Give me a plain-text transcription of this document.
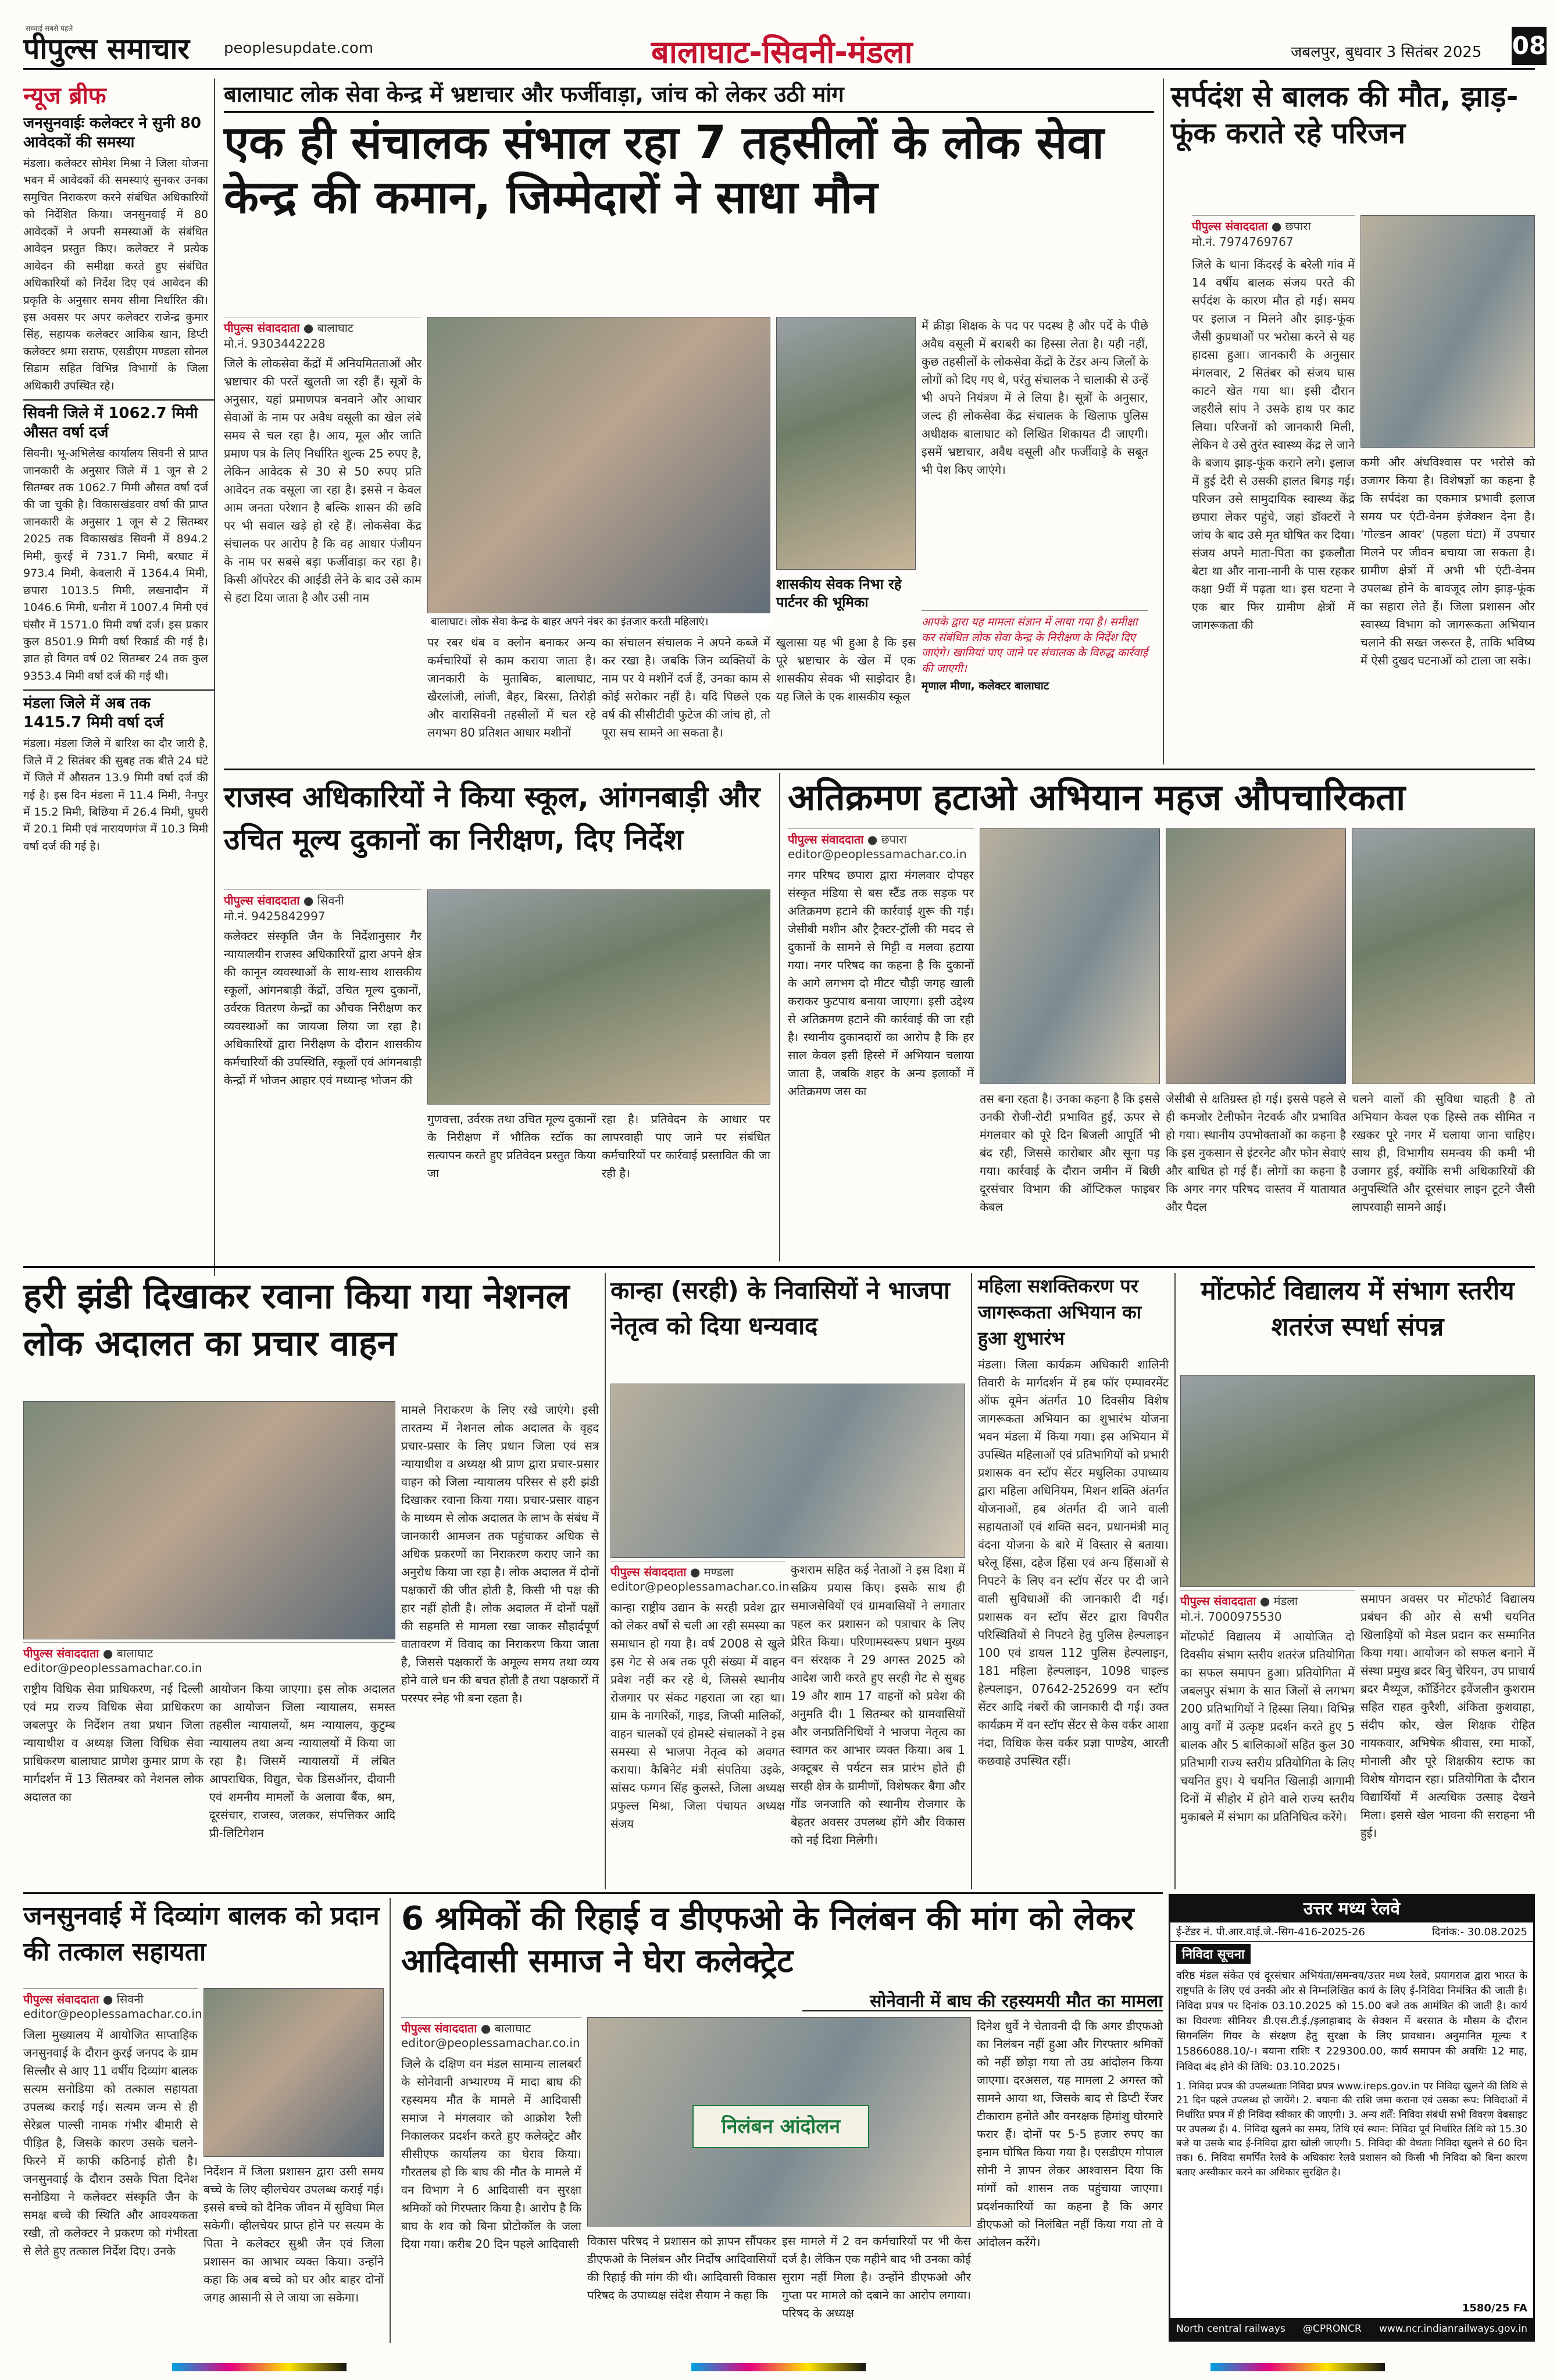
सच्चाई सबसे पहले
पीपुल्स समाचार peoplesupdate.com	बालाघाट-सिवनी-मंडला	जबलपुर, बुधवार 3 सितंबर 2025 08
न्यूज ब्रीफ
जनसुनवाईः कलेक्टर ने सुनी 80 आवेदकों की समस्या
मंडला। कलेक्टर सोमेश मिश्रा ने जिला योजना भवन में आवेदकों की समस्याएं सुनकर उनका समुचित निराकरण करने संबंधित अधिकारियों को निर्देशित किया। जनसुनवाई में 80 आवेदकों ने अपनी समस्याओं के संबंधित आवेदन प्रस्तुत किए। कलेक्टर ने प्रत्येक आवेदन की समीक्षा करते हुए संबंधित अधिकारियों को निर्देश दिए एवं आवेदन की प्रकृति के अनुसार समय सीमा निर्धारित की। इस अवसर पर अपर कलेक्टर राजेन्द्र कुमार सिंह, सहायक कलेक्टर आकिब खान, डिप्टी कलेक्टर श्रमा सराफ, एसडीएम मण्डला सोनल सिडाम सहित विभिन्न विभागों के जिला अधिकारी उपस्थित रहे।
सिवनी जिले में 1062.7 मिमी औसत वर्षा दर्ज
सिवनी। भू-अभिलेख कार्यालय सिवनी से प्राप्त जानकारी के अनुसार जिले में 1 जून से 2 सितम्बर तक 1062.7 मिमी औसत वर्षा दर्ज की जा चुकी है। विकासखंडवार वर्षा की प्राप्त जानकारी के अनुसार 1 जून से 2 सितम्बर 2025 तक विकासखंड सिवनी में 894.2 मिमी, कुरई में 731.7 मिमी, बरघाट में 973.4 मिमी, केवलारी में 1364.4 मिमी, छपारा 1013.5 मिमी, लखनादौन में 1046.6 मिमी, धनौरा में 1007.4 मिमी एवं घंसौर में 1571.0 मिमी वर्षा दर्ज। इस प्रकार कुल 8501.9 मिमी वर्षा रिकार्ड की गई है। ज्ञात हो विगत वर्ष 02 सितम्बर 24 तक कुल 9353.4 मिमी वर्षा दर्ज की गई थी।
मंडला जिले में अब तक 1415.7 मिमी वर्षा दर्ज
मंडला। मंडला जिले में बारिश का दौर जारी है, जिले में 2 सितंबर की सुबह तक बीते 24 घंटे में जिले में औसतन 13.9 मिमी वर्षा दर्ज की गई है। इस दिन मंडला में 11.4 मिमी, नैनपुर में 15.2 मिमी, बिछिया में 26.4 मिमी, घुघरी में 20.1 मिमी एवं नारायणगंज में 10.3 मिमी वर्षा दर्ज की गई है।
बालाघाट लोक सेवा केन्द्र में भ्रष्टाचार और फर्जीवाड़ा, जांच को लेकर उठी मांग
एक ही संचालक संभाल रहा 7 तहसीलों के लोक सेवा केन्द्र की कमान, जिम्मेदारों ने साधा मौन
पीपुल्स संवाददाता ● बालाघाट
मो.नं. 9303442228
बालाघाट। लोक सेवा केन्द्र के बाहर अपने नंबर का इंतजार करती महिलाएं।
जिले के लोकसेवा केंद्रों में अनियमितताओं और भ्रष्टाचार की परतें खुलती जा रही हैं। सूत्रों के अनुसार, यहां प्रमाणपत्र बनवाने और आधार सेवाओं के नाम पर अवैध वसूली का खेल लंबे समय से चल रहा है। आय, मूल और जाति प्रमाण पत्र के लिए निर्धारित शुल्क 25 रुपए है, लेकिन आवेदक से 30 से 50 रुपए प्रति आवेदन तक वसूला जा रहा है। इससे न केवल आम जनता परेशान है बल्कि शासन की छवि पर भी सवाल खड़े हो रहे हैं। लोकसेवा केंद्र संचालक पर आरोप है कि वह आधार पंजीयन के नाम पर सबसे बड़ा फर्जीवाड़ा कर रहा है। किसी ऑपरेटर की आईडी लेने के बाद उसे काम से हटा दिया जाता है और उसी नाम
पर रबर थंब व क्लोन बनाकर अन्य कर्मचारियों से काम कराया जाता है। जानकारी के मुताबिक, बालाघाट, खैरलांजी, लांजी, बैहर, बिरसा, तिरोड़ी और वारासिवनी तहसीलों में चल रहे लगभग 80 प्रतिशत आधार मशीनों
का संचालन संचालक ने अपने कब्जे में कर रखा है। जबकि जिन व्यक्तियों के नाम पर ये मशीनें दर्ज हैं, उनका काम से कोई सरोकार नहीं है। यदि पिछले एक वर्ष की सीसीटीवी फुटेज की जांच हो, तो पूरा सच सामने आ सकता है।
शासकीय सेवक निभा रहे पार्टनर की भूमिका
खुलासा यह भी हुआ है कि इस पूरे भ्रष्टाचार के खेल में एक शासकीय सेवक भी साझेदार है। यह जिले के एक शासकीय स्कूल
में क्रीड़ा शिक्षक के पद पर पदस्थ है और पर्दे के पीछे अवैध वसूली में बराबरी का हिस्सा लेता है। यही नहीं, कुछ तहसीलों के लोकसेवा केंद्रों के टेंडर अन्य जिलों के लोगों को दिए गए थे, परंतु संचालक ने चालाकी से उन्हें भी अपने नियंत्रण में ले लिया है। सूत्रों के अनुसार, जल्द ही लोकसेवा केंद्र संचालक के खिलाफ पुलिस अधीक्षक बालाघाट को लिखित शिकायत दी जाएगी। इसमें भ्रष्टाचार, अवैध वसूली और फर्जीवाड़े के सबूत भी पेश किए जाएंगे।
आपके द्वारा यह मामला संज्ञान में लाया गया है। समीक्षा कर संबंधित लोक सेवा केन्द्र के निरीक्षण के निर्देश दिए जाएंगे। खामियां पाए जाने पर संचालक के विरुद्ध कार्रवाई की जाएगी।
मृणाल मीणा, कलेक्टर बालाघाट
सर्पदंश से बालक की मौत, झाड़-फूंक कराते रहे परिजन
पीपुल्स संवाददाता ● छपारा
मो.नं. 7974769767
जिले के थाना किंदरई के बरेली गांव में 14 वर्षीय बालक संजय परते की सर्पदंश के कारण मौत हो गई। समय पर इलाज न मिलने और झाड़-फूंक जैसी कुप्रथाओं पर भरोसा करने से यह हादसा हुआ। जानकारी के अनुसार मंगलवार, 2 सितंबर को संजय घास काटने खेत गया था। इसी दौरान जहरीले सांप ने उसके हाथ पर काट लिया। परिजनों को जानकारी मिली, लेकिन वे उसे तुरंत स्वास्थ्य केंद्र ले जाने के बजाय झाड़-फूंक कराने लगे। इलाज में हुई देरी से उसकी हालत बिगड़ गई। परिजन उसे सामुदायिक स्वास्थ्य केंद्र छपारा लेकर पहुंचे, जहां डॉक्टरों ने जांच के बाद उसे मृत घोषित कर दिया। संजय अपने माता-पिता का इकलौता बेटा था और नाना-नानी के पास रहकर कक्षा 9वीं में पढ़ता था। इस घटना ने एक बार फिर ग्रामीण क्षेत्रों में जागरूकता की
कमी और अंधविश्वास पर भरोसे को उजागर किया है। विशेषज्ञों का कहना है कि सर्पदंश का एकमात्र प्रभावी इलाज समय पर एंटी-वेनम इंजेक्शन देना है। 'गोल्डन आवर' (पहला घंटा) में उपचार मिलने पर जीवन बचाया जा सकता है। ग्रामीण क्षेत्रों में अभी भी एंटी-वेनम उपलब्ध होने के बावजूद लोग झाड़-फूंक का सहारा लेते हैं। जिला प्रशासन और स्वास्थ्य विभाग को जागरूकता अभियान चलाने की सख्त जरूरत है, ताकि भविष्य में ऐसी दुखद घटनाओं को टाला जा सके।
राजस्व अधिकारियों ने किया स्कूल, आंगनबाड़ी और उचित मूल्य दुकानों का निरीक्षण, दिए निर्देश
पीपुल्स संवाददाता ● सिवनी
मो.नं. 9425842997
कलेक्टर संस्कृति जैन के निर्देशानुसार गैर न्यायालयीन राजस्व अधिकारियों द्वारा अपने क्षेत्र की कानून व्यवस्थाओं के साथ-साथ शासकीय स्कूलों, आंगनबाड़ी केंद्रों, उचित मूल्य दुकानों, उर्वरक वितरण केन्द्रों का औचक निरीक्षण कर व्यवस्थाओं का जायजा लिया जा रहा है। अधिकारियों द्वारा निरीक्षण के दौरान शासकीय कर्मचारियों की उपस्थिति, स्कूलों एवं आंगनबाड़ी केन्द्रों में भोजन आहार एवं मध्यान्ह भोजन की
गुणवत्ता, उर्वरक तथा उचित मूल्य दुकानों के निरीक्षण में भौतिक स्टॉक का सत्यापन करते हुए प्रतिवेदन प्रस्तुत किया जा
रहा है। प्रतिवेदन के आधार पर लापरवाही पाए जाने पर संबंधित कर्मचारियों पर कार्रवाई प्रस्तावित की जा रही है।
अतिक्रमण हटाओ अभियान महज औपचारिकता
पीपुल्स संवाददाता ● छपारा
editor@peoplessamachar.co.in
नगर परिषद छपारा द्वारा मंगलवार दोपहर संस्कृत मंडिया से बस स्टैंड तक सड़क पर अतिक्रमण हटाने की कार्रवाई शुरू की गई। जेसीबी मशीन और ट्रैक्टर-ट्रॉली की मदद से दुकानों के सामने से मिट्टी व मलवा हटाया गया। नगर परिषद का कहना है कि दुकानों के आगे लगभग दो मीटर चौड़ी जगह खाली कराकर फुटपाथ बनाया जाएगा। इसी उद्देश्य से अतिक्रमण हटाने की कार्रवाई की जा रही है। स्थानीय दुकानदारों का आरोप है कि हर साल केवल इसी हिस्से में अभियान चलाया जाता है, जबकि शहर के अन्य इलाकों में अतिक्रमण जस का
तस बना रहता है। उनका कहना है कि इससे उनकी रोजी-रोटी प्रभावित हुई, ऊपर से मंगलवार को पूरे दिन बिजली आपूर्ति भी बंद रही, जिससे कारोबार और सूना पड़ गया। कार्रवाई के दौरान जमीन में बिछी दूरसंचार विभाग की ऑप्टिकल फाइबर केबल
जेसीबी से क्षतिग्रस्त हो गई। इससे पहले से ही कमजोर टेलीफोन नेटवर्क और प्रभावित हो गया। स्थानीय उपभोक्ताओं का कहना है कि इस नुकसान से इंटरनेट और फोन सेवाएं और बाधित हो गई हैं। लोगों का कहना है कि अगर नगर परिषद वास्तव में यातायात और पैदल
चलने वालों की सुविधा चाहती है तो अभियान केवल एक हिस्से तक सीमित न रखकर पूरे नगर में चलाया जाना चाहिए। साथ ही, विभागीय समन्वय की कमी भी उजागर हुई, क्योंकि सभी अधिकारियों की अनुपस्थिति और दूरसंचार लाइन टूटने जैसी लापरवाही सामने आई।
हरी झंडी दिखाकर रवाना किया गया नेशनल लोक अदालत का प्रचार वाहन
पीपुल्स संवाददाता ● बालाघाट
editor@peoplessamachar.co.in
राष्ट्रीय विधिक सेवा प्राधिकरण, नई दिल्ली एवं मप्र राज्य विधिक सेवा प्राधिकरण जबलपुर के निर्देशन तथा प्रधान जिला न्यायाधीश व अध्यक्ष जिला विधिक सेवा प्राधिकरण बालाघाट प्राणेश कुमार प्राण के मार्गदर्शन में 13 सितम्बर को नेशनल लोक अदालत का
आयोजन किया जाएगा। इस लोक अदालत का आयोजन जिला न्यायालय, समस्त तहसील न्यायालयों, श्रम न्यायालय, कुटुम्ब न्यायालय तथा अन्य न्यायालयों में किया जा रहा है। जिसमें न्यायालयों में लंबित आपराधिक, विद्युत, चेक डिसऑनर, दीवानी एवं शमनीय मामलों के अलावा बैंक, श्रम, दूरसंचार, राजस्व, जलकर, संपत्तिकर आदि प्री-लिटिगेशन
मामले निराकरण के लिए रखे जाएंगे। इसी तारतम्य में नेशनल लोक अदालत के वृहद प्रचार-प्रसार के लिए प्रधान जिला एवं सत्र न्यायाधीश व अध्यक्ष श्री प्राण द्वारा प्रचार-प्रसार वाहन को जिला न्यायालय परिसर से हरी झंडी दिखाकर रवाना किया गया। प्रचार-प्रसार वाहन के माध्यम से लोक अदालत के लाभ के संबंध में जानकारी आमजन तक पहुंचाकर अधिक से अधिक प्रकरणों का निराकरण कराए जाने का अनुरोध किया जा रहा है। लोक अदालत में दोनों पक्षकारों की जीत होती है, किसी भी पक्ष की हार नहीं होती है। लोक अदालत में दोनों पक्षों की सहमति से मामला रखा जाकर सौहार्दपूर्ण वातावरण में विवाद का निराकरण किया जाता है, जिससे पक्षकारों के अमूल्य समय तथा व्यय होने वाले धन की बचत होती है तथा पक्षकारों में परस्पर स्नेह भी बना रहता है।
कान्हा (सरही) के निवासियों ने भाजपा नेतृत्व को दिया धन्यवाद
पीपुल्स संवाददाता ● मण्डला
editor@peoplessamachar.co.in
कान्हा राष्ट्रीय उद्यान के सरही प्रवेश द्वार को लेकर वर्षों से चली आ रही समस्या का समाधान हो गया है। वर्ष 2008 से खुले इस गेट से अब तक पूरी संख्या में वाहन प्रवेश नहीं कर रहे थे, जिससे स्थानीय रोजगार पर संकट गहराता जा रहा था। ग्राम के नागरिकों, गाइड, जिप्सी मालिकों, वाहन चालकों एवं होमस्टे संचालकों ने इस समस्या से भाजपा नेतृत्व को अवगत कराया। कैबिनेट मंत्री संपतिया उइके, सांसद फग्गन सिंह कुलस्ते, जिला अध्यक्ष प्रफुल्ल मिश्रा, जिला पंचायत अध्यक्ष संजय
कुशराम सहित कई नेताओं ने इस दिशा में सक्रिय प्रयास किए। इसके साथ ही समाजसेवियों एवं ग्रामवासियों ने लगातार पहल कर प्रशासन को पत्राचार के लिए प्रेरित किया। परिणामस्वरूप प्रधान मुख्य वन संरक्षक ने 29 अगस्त 2025 को आदेश जारी करते हुए सरही गेट से सुबह 19 और शाम 17 वाहनों को प्रवेश की अनुमति दी। 1 सितम्बर को ग्रामवासियों और जनप्रतिनिधियों ने भाजपा नेतृत्व का स्वागत कर आभार व्यक्त किया। अब 1 अक्टूबर से पर्यटन सत्र प्रारंभ होते ही सरही क्षेत्र के ग्रामीणों, विशेषकर बैगा और गोंड जनजाति को स्थानीय रोजगार के बेहतर अवसर उपलब्ध होंगे और विकास को नई दिशा मिलेगी।
महिला सशक्तिकरण पर जागरूकता अभियान का हुआ शुभारंभ
मंडला। जिला कार्यक्रम अधिकारी शालिनी तिवारी के मार्गदर्शन में हब फॉर एम्पावरमेंट ऑफ वूमेन अंतर्गत 10 दिवसीय विशेष जागरूकता अभियान का शुभारंभ योजना भवन मंडला में किया गया। इस अभियान में उपस्थित महिलाओं एवं प्रतिभागियों को प्रभारी प्रशासक वन स्टॉप सेंटर मधुलिका उपाध्याय द्वारा महिला अधिनियम, मिशन शक्ति अंतर्गत योजनाओं, हब अंतर्गत दी जाने वाली सहायताओं एवं शक्ति सदन, प्रधानमंत्री मातृ वंदना योजना के बारे में विस्तार से बताया। घरेलू हिंसा, दहेज हिंसा एवं अन्य हिंसाओं से निपटने के लिए वन स्टॉप सेंटर पर दी जाने वाली सुविधाओं की जानकारी दी गई। प्रशासक वन स्टॉप सेंटर द्वारा विपरीत परिस्थितियों से निपटने हेतु पुलिस हेल्पलाइन 100 एवं डायल 112 पुलिस हेल्पलाइन, 181 महिला हेल्पलाइन, 1098 चाइल्ड हेल्पलाइन, 07642-252699 वन स्टॉप सेंटर आदि नंबरों की जानकारी दी गई। उक्त कार्यक्रम में वन स्टॉप सेंटर से केस वर्कर आशा नंदा, विधिक केस वर्कर प्रज्ञा पाण्डेय, आरती कछवाहे उपस्थित रहीं।
मोंटफोर्ट विद्यालय में संभाग स्तरीय शतरंज स्पर्धा संपन्न
पीपुल्स संवाददाता ● मंडला
मो.नं. 7000975530
मोंटफोर्ट विद्यालय में आयोजित दो दिवसीय संभाग स्तरीय शतरंज प्रतियोगिता का सफल समापन हुआ। प्रतियोगिता में जबलपुर संभाग के सात जिलों से लगभग 200 प्रतिभागियों ने हिस्सा लिया। विभिन्न आयु वर्गों में उत्कृष्ट प्रदर्शन करते हुए 5 बालक और 5 बालिकाओं सहित कुल 30 प्रतिभागी राज्य स्तरीय प्रतियोगिता के लिए चयनित हुए। ये चयनित खिलाड़ी आगामी दिनों में सीहोर में होने वाले राज्य स्तरीय मुकाबले में संभाग का प्रतिनिधित्व करेंगे।
समापन अवसर पर मोंटफोर्ट विद्यालय प्रबंधन की ओर से सभी चयनित खिलाड़ियों को मेडल प्रदान कर सम्मानित किया गया। आयोजन को सफल बनाने में संस्था प्रमुख ब्रदर बिनु चेरियन, उप प्राचार्य ब्रदर मैथ्यूज, कॉर्डिनेटर इवेंजलीन कुशराम सहित राहत कुरैशी, अंकिता कुशवाहा, संदीप कोर, खेल शिक्षक रोहित नायकवार, अभिषेक श्रीवास, रमा मार्को, मोनाली और पूरे शिक्षकीय स्टाफ का विशेष योगदान रहा। प्रतियोगिता के दौरान विद्यार्थियों में अत्यधिक उत्साह देखने मिला। इससे खेल भावना की सराहना भी हुई।
जनसुनवाई में दिव्यांग बालक को प्रदान की तत्काल सहायता
पीपुल्स संवाददाता ● सिवनी
editor@peoplessamachar.co.in
जिला मुख्यालय में आयोजित साप्ताहिक जनसुनवाई के दौरान कुरई जनपद के ग्राम सिल्लौर से आए 11 वर्षीय दिव्यांग बालक सत्यम सनोडिया को तत्काल सहायता उपलब्ध कराई गई। सत्यम जन्म से ही सेरेब्रल पाल्सी नामक गंभीर बीमारी से पीड़ित है, जिसके कारण उसके चलने-फिरने में काफी कठिनाई होती है। जनसुनवाई के दौरान उसके पिता दिनेश सनोडिया ने कलेक्टर संस्कृति जैन के समक्ष बच्चे की स्थिति और आवश्यकता रखी, तो कलेक्टर ने प्रकरण को गंभीरता से लेते हुए तत्काल निर्देश दिए। उनके
निर्देशन में जिला प्रशासन द्वारा उसी समय बच्चे के लिए व्हीलचेयर उपलब्ध कराई गई। इससे बच्चे को दैनिक जीवन में सुविधा मिल सकेगी। व्हीलचेयर प्राप्त होने पर सत्यम के पिता ने कलेक्टर सुश्री जैन एवं जिला प्रशासन का आभार व्यक्त किया। उन्होंने कहा कि अब बच्चे को घर और बाहर दोनों जगह आसानी से ले जाया जा सकेगा।
6 श्रमिकों की रिहाई व डीएफओ के निलंबन की मांग को लेकर आदिवासी समाज ने घेरा कलेक्ट्रेट
सोनेवानी में बाघ की रहस्यमयी मौत का मामला
पीपुल्स संवाददाता ● बालाघाट
editor@peoplessamachar.co.in
जिले के दक्षिण वन मंडल सामान्य लालबर्रा के सोनेवानी अभ्यारण्य में मादा बाघ की रहस्यमय मौत के मामले में आदिवासी समाज ने मंगलवार को आक्रोश रैली निकालकर प्रदर्शन करते हुए कलेक्ट्रेट और सीसीएफ कार्यालय का घेराव किया। गौरतलब हो कि बाघ की मौत के मामले में वन विभाग ने 6 आदिवासी वन सुरक्षा श्रमिकों को गिरफ्तार किया है। आरोप है कि बाघ के शव को बिना प्रोटोकॉल के जला दिया गया। करीब 20 दिन पहले आदिवासी
निलंबन आंदोलन
विकास परिषद ने प्रशासन को ज्ञापन सौंपकर डीएफओ के निलंबन और निर्दोष आदिवासियों की रिहाई की मांग की थी। आदिवासी विकास परिषद के उपाध्यक्ष संदेश सैयाम ने कहा कि
इस मामले में 2 वन कर्मचारियों पर भी केस दर्ज है। लेकिन एक महीने बाद भी उनका कोई सुराग नहीं मिला है। उन्होंने डीएफओ और गुप्ता पर मामले को दबाने का आरोप लगाया। परिषद के अध्यक्ष
दिनेश धुर्वे ने चेतावनी दी कि अगर डीएफओ का निलंबन नहीं हुआ और गिरफ्तार श्रमिकों को नहीं छोड़ा गया तो उग्र आंदोलन किया जाएगा। दरअसल, यह मामला 2 अगस्त को सामने आया था, जिसके बाद से डिप्टी रेंजर टीकाराम हनोते और वनरक्षक हिमांशु घोरमारे फरार हैं। दोनों पर 5-5 हजार रुपए का इनाम घोषित किया गया है। एसडीएम गोपाल सोनी ने ज्ञापन लेकर आश्वासन दिया कि मांगों को शासन तक पहुंचाया जाएगा। प्रदर्शनकारियों का कहना है कि अगर डीएफओ को निलंबित नहीं किया गया तो वे आंदोलन करेंगे।
उत्तर मध्य रेलवे
ई-टेंडर नं. पी.आर.वाई.जे.-सिग-416-2025-26	दिनांक:- 30.08.2025
निविदा सूचना
वरिष्ठ मंडल संकेत एवं दूरसंचार अभियंता/समन्वय/उत्तर मध्य रेलवे, प्रयागराज द्वारा भारत के राष्ट्रपति के लिए एवं उनकी ओर से निम्नलिखित कार्य के लिए ई-निविदा निमंत्रित की जाती है। निविदा प्रपत्र पर दिनांक 03.10.2025 को 15.00 बजे तक आमंत्रित की जाती है। कार्य का विवरणः सीनियर डी.एस.टी.ई./इलाहाबाद के सेक्शन में बरसात के मौसम के दौरान सिगनलिंग गियर के संरक्षण हेतु सुरक्षा के लिए प्रावधान। अनुमानित मूल्यः ₹ 15866088.10/-। बयाना राशिः ₹ 229300.00, कार्य समापन की अवधिः 12 माह, निविदा बंद होने की तिथि: 03.10.2025।
1. निविदा प्रपत्र की उपलब्धताः निविदा प्रपत्र www.ireps.gov.in पर निविदा खुलने की तिथि से 21 दिन पहले उपलब्ध हो जायेंगे। 2. बयाना की राशि जमा कराना एवं उसका रूप: निविदाओं में निर्धारित प्रपत्र में ही निविदा स्वीकार की जाएगी। 3. अन्य शर्तें: निविदा संबंधी सभी विवरण वेबसाइट पर उपलब्ध हैं। 4. निविदा खुलने का समय, तिथि एवं स्थान: निविदा पूर्व निर्धारित तिथि को 15.30 बजे या उसके बाद ई-निविदा द्वारा खोली जाएगी। 5. निविदा की वैधताः निविदा खुलने से 60 दिन तक। 6. निविदा समर्पित रेलवे के अधिकारः रेलवे प्रशासन को किसी भी निविदा को बिना कारण बताए अस्वीकार करने का अधिकार सुरक्षित है।
1580/25 FA
North central railways @CPRONCR www.ncr.indianrailways.gov.in
